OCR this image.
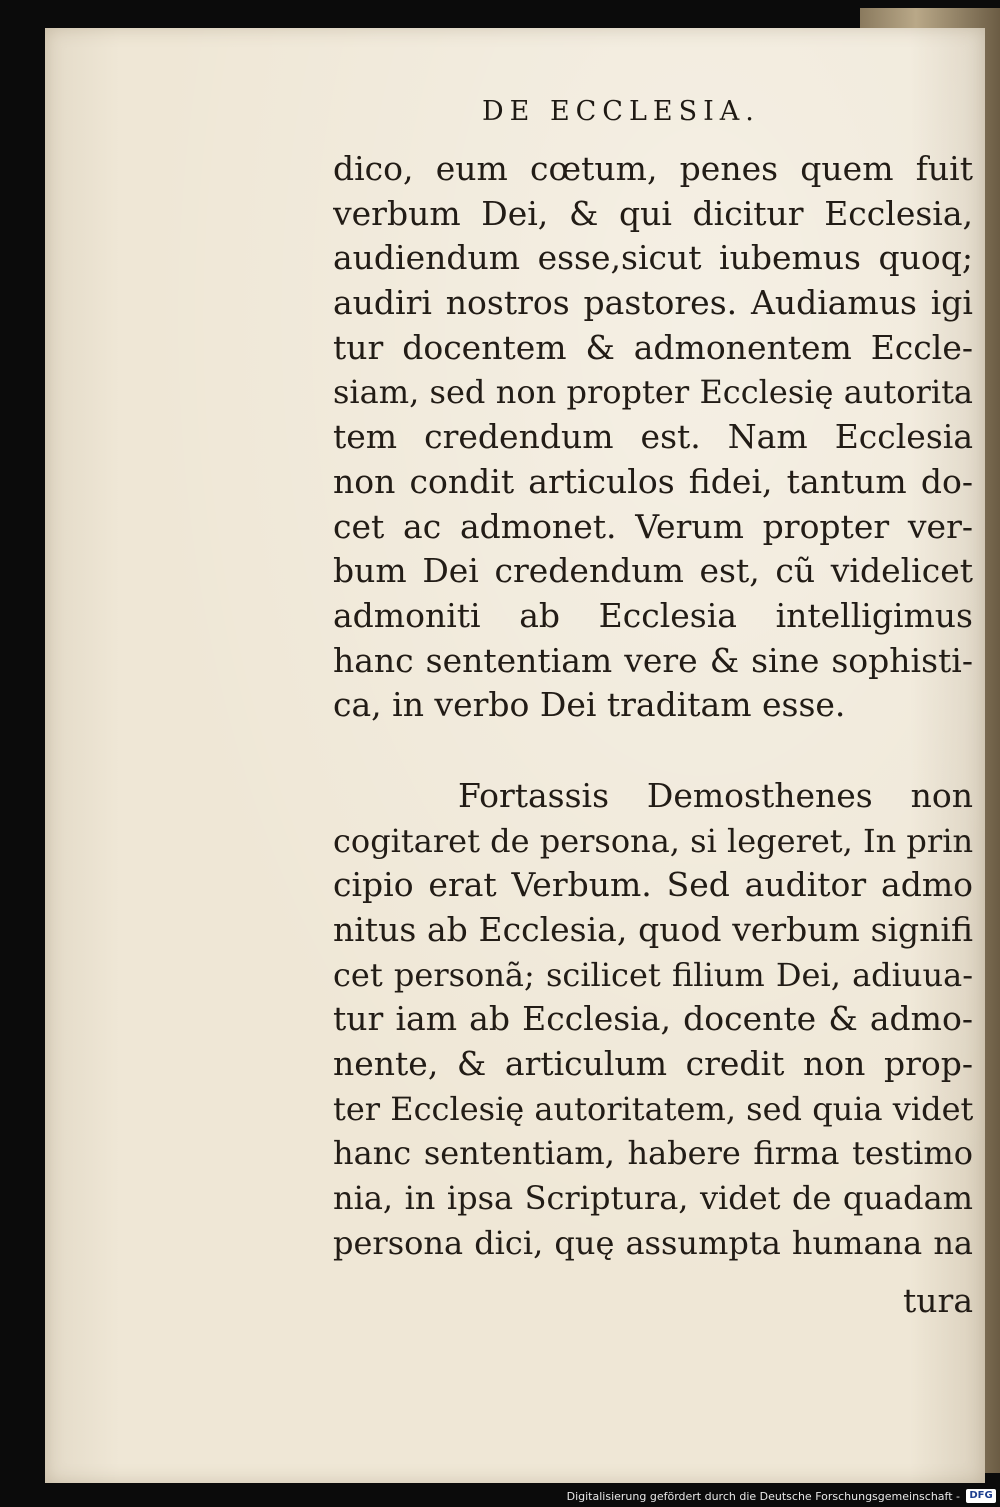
DE ECCLESIA.
dico, eum cœtum, penes quem fuit
verbum Dei, & qui dicitur Ecclesia,
audiendum esse,sicut iubemus quoq;
audiri nostros pastores. Audiamus igi
tur docentem & admonentem Eccle-
siam, sed non propter Ecclesię autorita
tem credendum est. Nam Ecclesia
non condit articulos fidei, tantum do-
cet ac admonet. Verum propter ver-
bum Dei credendum est, cũ videlicet
admoniti ab Ecclesia intelligimus
hanc sententiam vere & sine sophisti-
ca, in verbo Dei traditam esse.
Fortassis Demosthenes non
cogitaret de persona, si legeret, In prin
cipio erat Verbum. Sed auditor admo
nitus ab Ecclesia, quod verbum signifi
cet personã; scilicet filium Dei, adiuua-
tur iam ab Ecclesia, docente & admo-
nente, & articulum credit non prop-
ter Ecclesię autoritatem, sed quia videt
hanc sententiam, habere firma testimo
nia, in ipsa Scriptura, videt de quadam
persona dici, quę assumpta humana na
tura
Digitalisierung gefördert durch die Deutsche Forschungsgemeinschaft - DFG
